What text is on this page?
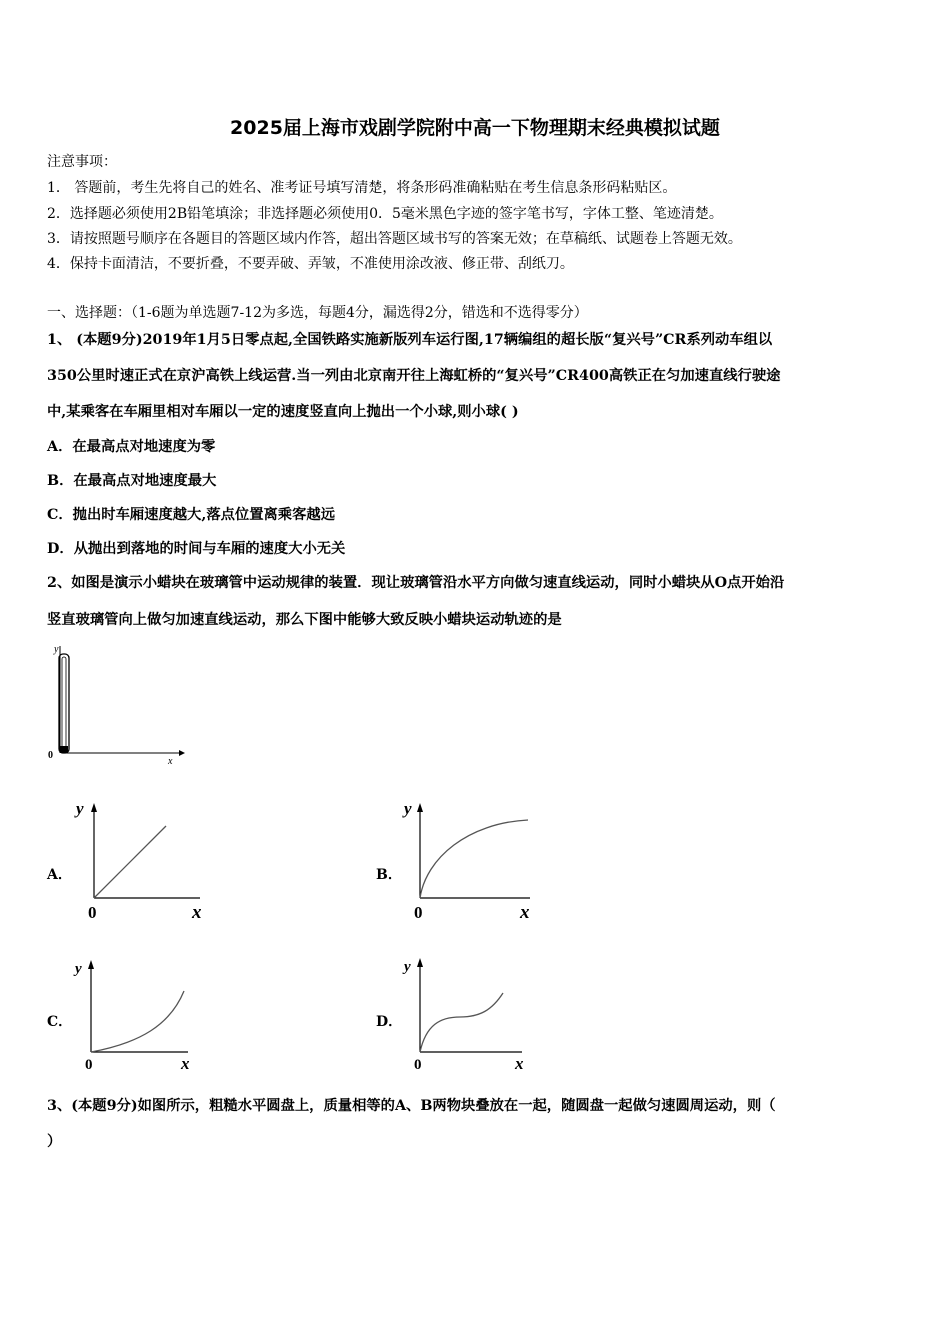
2025届上海市戏剧学院附中高一下物理期末经典模拟试题
注意事项：
1． 答题前，考生先将自己的姓名、准考证号填写清楚，将条形码准确粘贴在考生信息条形码粘贴区。
2．选择题必须使用2B铅笔填涂；非选择题必须使用0．5毫米黑色字迹的签字笔书写，字体工整、笔迹清楚。
3．请按照题号顺序在各题目的答题区域内作答，超出答题区域书写的答案无效；在草稿纸、试题卷上答题无效。
4．保持卡面清洁，不要折叠，不要弄破、弄皱，不准使用涂改液、修正带、刮纸刀。
一、选择题：（1-6题为单选题7-12为多选，每题4分，漏选得2分，错选和不选得零分）
1、 (本题9分)2019年1月5日零点起,全国铁路实施新版列车运行图,17辆编组的超长版“复兴号”CR系列动车组以
350公里时速正式在京沪高铁上线运营.当一列由北京南开往上海虹桥的“复兴号”CR400高铁正在匀加速直线行驶途
中,某乘客在车厢里相对车厢以一定的速度竖直向上抛出一个小球,则小球( )
A．在最高点对地速度为零
B．在最高点对地速度最大
C．抛出时车厢速度越大,落点位置离乘客越远
D．从抛出到落地的时间与车厢的速度大小无关
2、如图是演示小蜡块在玻璃管中运动规律的装置．现让玻璃管沿水平方向做匀速直线运动，同时小蜡块从O点开始沿
竖直玻璃管向上做匀加速直线运动，那么下图中能够大致反映小蜡块运动轨迹的是
y
0
x
A．
y
0	x
B．
y
0	x
C．
y
0	x
D．
y
0	x
3、(本题9分)如图所示，粗糙水平圆盘上，质量相等的A、B两物块叠放在一起，随圆盘一起做匀速圆周运动，则（
）
